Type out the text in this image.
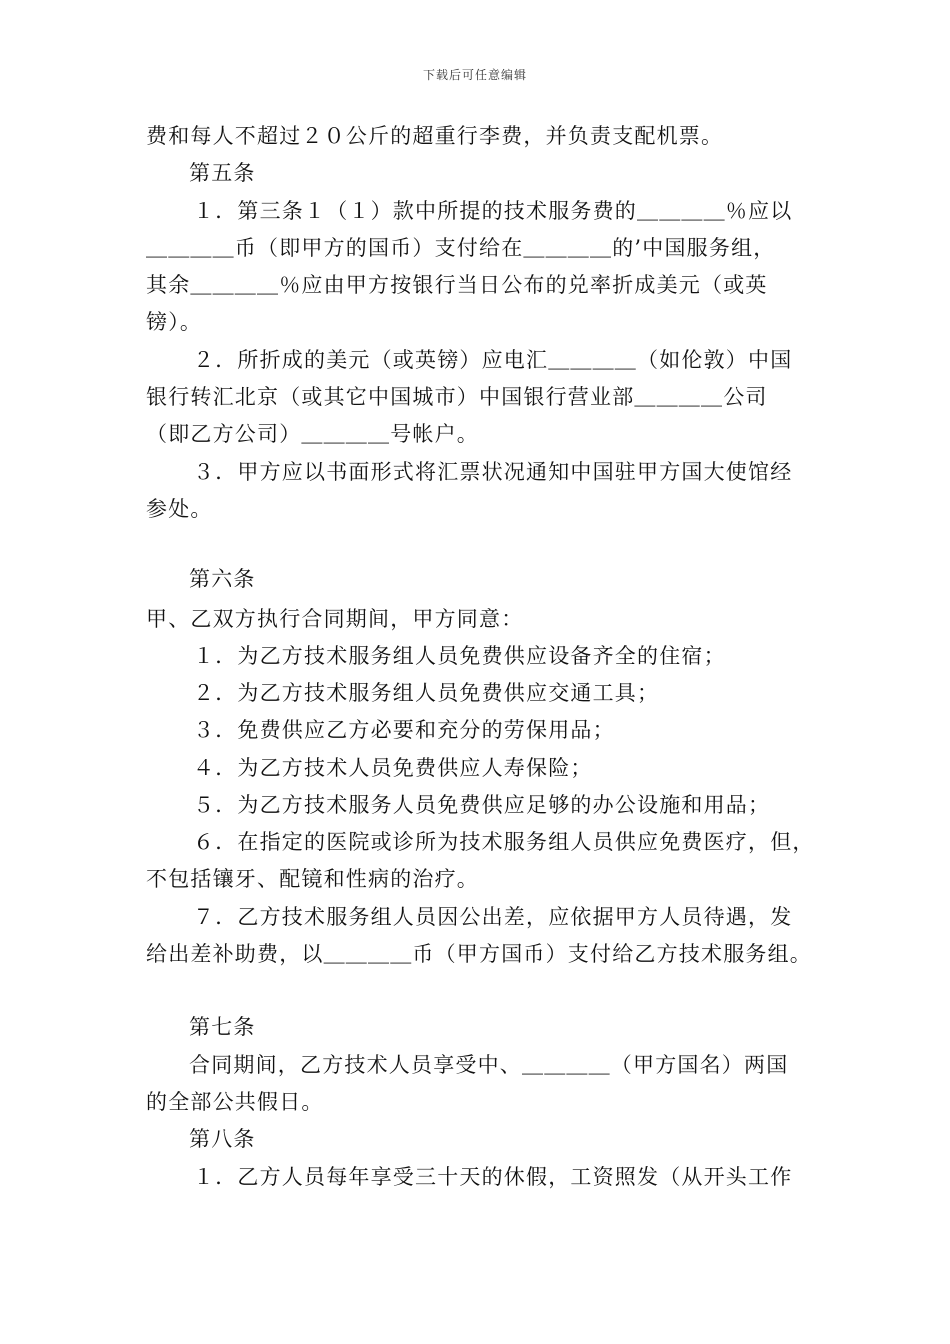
下载后可任意编辑
费和每人不超过２０公斤的超重行李费，并负责支配机票。
第五条
１．第三条１（１）款中所提的技术服务费的＿＿＿＿％应以
＿＿＿＿币（即甲方的国币）支付给在＿＿＿＿的’中国服务组，
其余＿＿＿＿％应由甲方按银行当日公布的兑率折成美元（或英
镑）。
２．所折成的美元（或英镑）应电汇＿＿＿＿（如伦敦）中国
银行转汇北京（或其它中国城市）中国银行营业部＿＿＿＿公司
（即乙方公司）＿＿＿＿号帐户。
３．甲方应以书面形式将汇票状况通知中国驻甲方国大使馆经
参处。
第六条
甲、乙双方执行合同期间，甲方同意：
１．为乙方技术服务组人员免费供应设备齐全的住宿；
２．为乙方技术服务组人员免费供应交通工具；
３．免费供应乙方必要和充分的劳保用品；
４．为乙方技术人员免费供应人寿保险；
５．为乙方技术服务人员免费供应足够的办公设施和用品；
６．在指定的医院或诊所为技术服务组人员供应免费医疗，但，
不包括镶牙、配镜和性病的治疗。
７．乙方技术服务组人员因公出差，应依据甲方人员待遇，发
给出差补助费，以＿＿＿＿币（甲方国币）支付给乙方技术服务组。
第七条
合同期间，乙方技术人员享受中、＿＿＿＿（甲方国名）两国
的全部公共假日。
第八条
１．乙方人员每年享受三十天的休假，工资照发（从开头工作
